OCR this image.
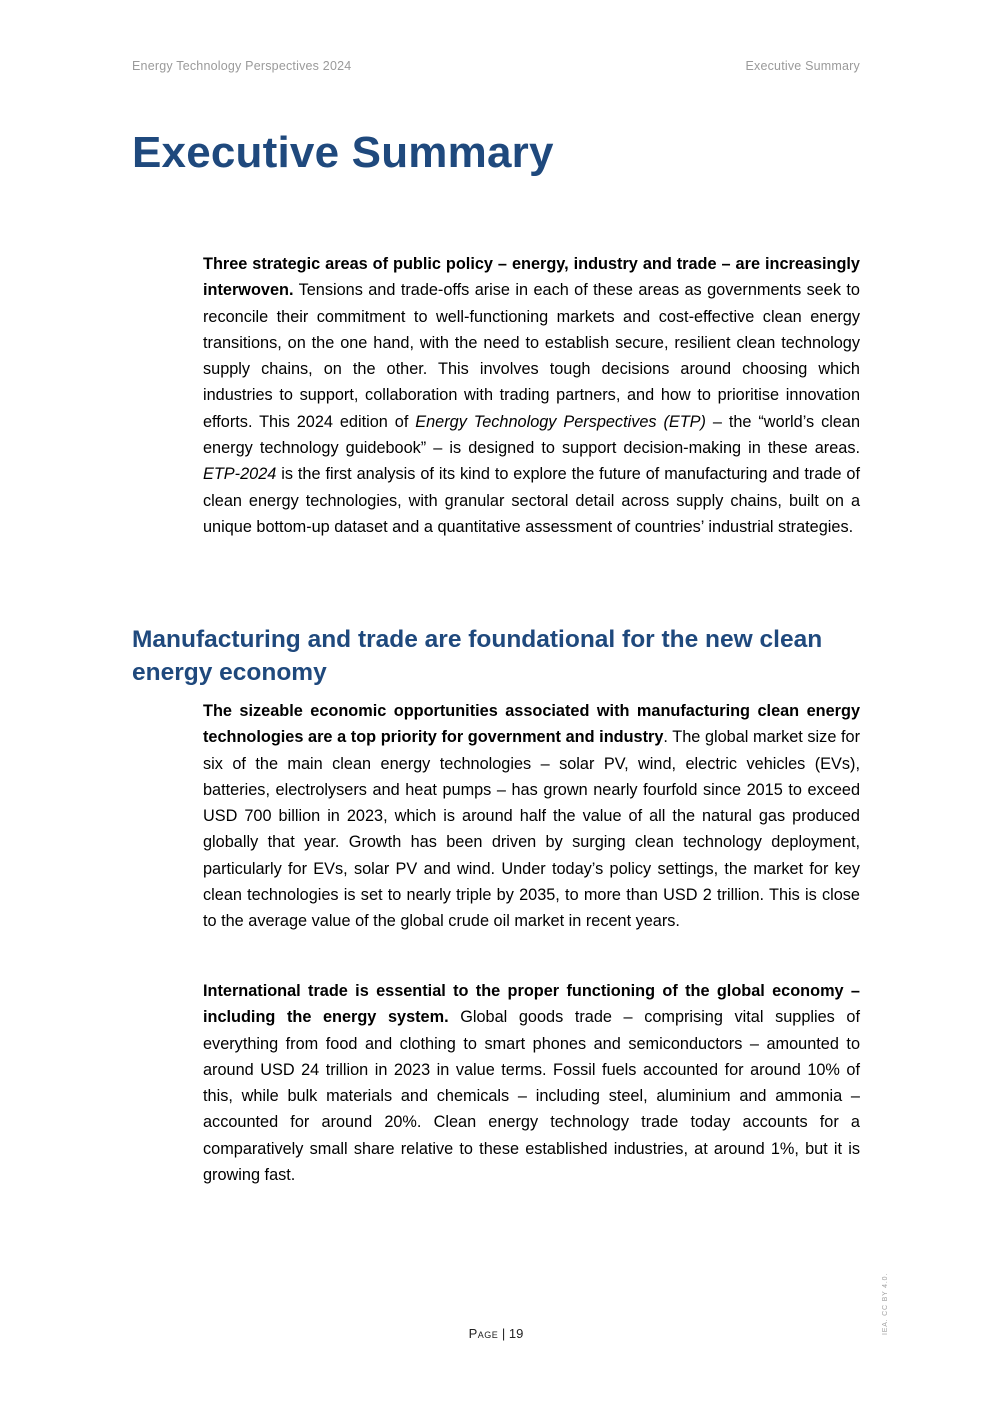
Energy Technology Perspectives 2024	Executive Summary
Executive Summary

Three strategic areas of public policy – energy, industry and trade – are increasingly interwoven. Tensions and trade-offs arise in each of these areas as governments seek to reconcile their commitment to well-functioning markets and cost-effective clean energy transitions, on the one hand, with the need to establish secure, resilient clean technology supply chains, on the other. This involves tough decisions around choosing which industries to support, collaboration with trading partners, and how to prioritise innovation efforts. This 2024 edition of Energy Technology Perspectives (ETP) – the “world’s clean energy technology guidebook” – is designed to support decision-making in these areas. ETP-2024 is the first analysis of its kind to explore the future of manufacturing and trade of clean energy technologies, with granular sectoral detail across supply chains, built on a unique bottom-up dataset and a quantitative assessment of countries’ industrial strategies.

Manufacturing and trade are foundational for the new clean energy economy

The sizeable economic opportunities associated with manufacturing clean energy technologies are a top priority for government and industry. The global market size for six of the main clean energy technologies – solar PV, wind, electric vehicles (EVs), batteries, electrolysers and heat pumps – has grown nearly fourfold since 2015 to exceed USD 700 billion in 2023, which is around half the value of all the natural gas produced globally that year. Growth has been driven by surging clean technology deployment, particularly for EVs, solar PV and wind. Under today’s policy settings, the market for key clean technologies is set to nearly triple by 2035, to more than USD 2 trillion. This is close to the average value of the global crude oil market in recent years.

International trade is essential to the proper functioning of the global economy – including the energy system. Global goods trade – comprising vital supplies of everything from food and clothing to smart phones and semiconductors – amounted to around USD 24 trillion in 2023 in value terms. Fossil fuels accounted for around 10% of this, while bulk materials and chemicals – including steel, aluminium and ammonia – accounted for around 20%. Clean energy technology trade today accounts for a comparatively small share relative to these established industries, at around 1%, but it is growing fast.

Page | 19	IEA. CC BY 4.0.
